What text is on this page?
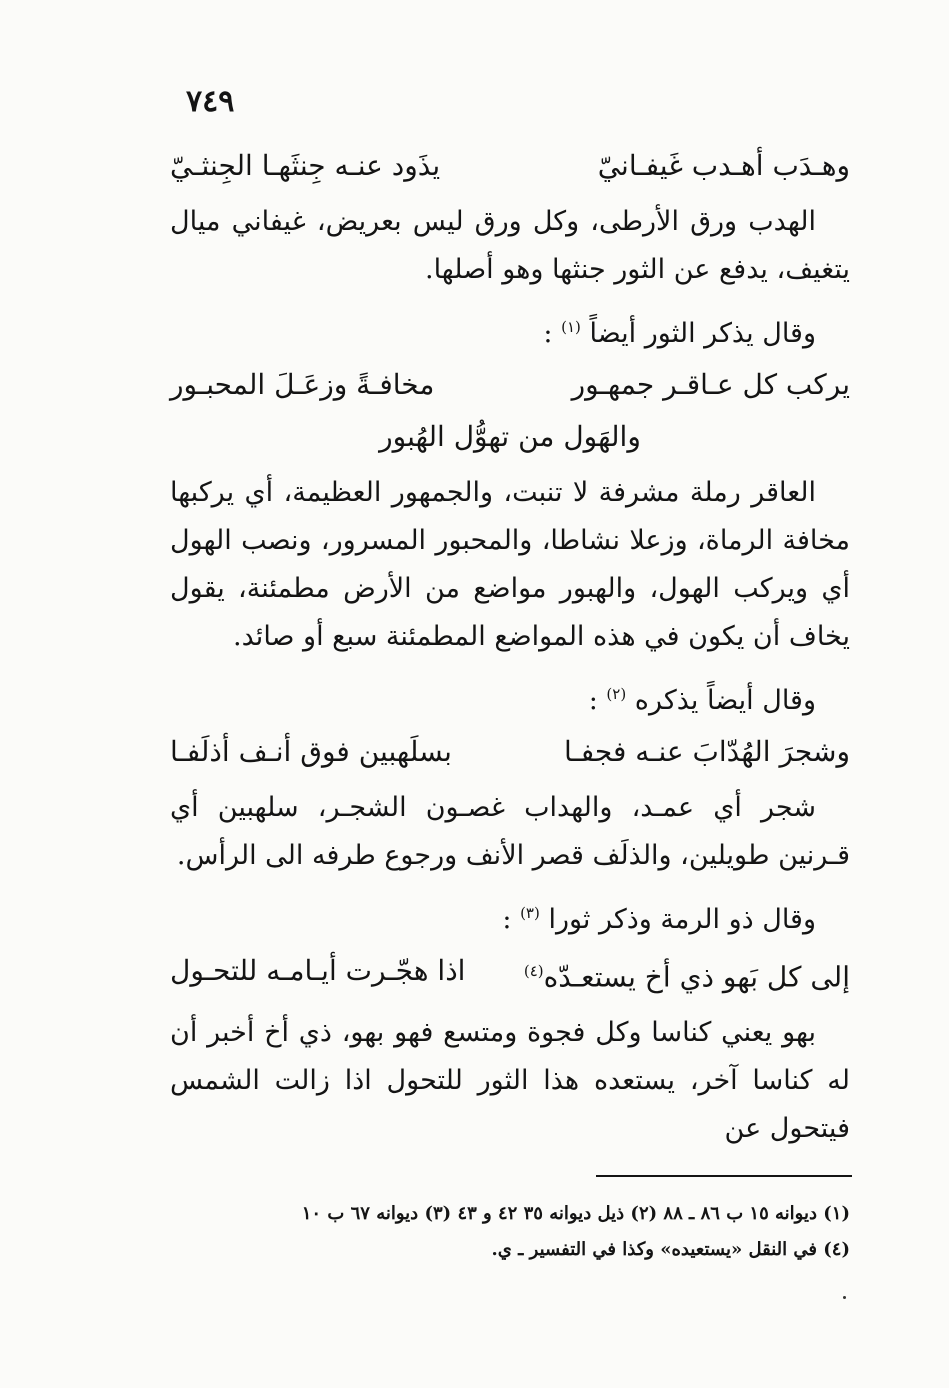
٧٤٩
وهـدَب أهـدب غَيفـانيّ
يذَود عنـه جِنثَهـا الجِنثـيّ

الهدب ورق الأرطى، وكل ورق ليس بعريض، غيفاني ميال يتغيف، يدفع عن الثور جنثها وهو أصلها.

وقال يذكر الثور أيضاً $^{(١)}$ :
يركب كل عـاقـر جمهـور
مخافـةً وزعَـلَ المحبـور
والهَول من تهوُّل الهُبور

العاقر رملة مشرفة لا تنبت، والجمهور العظيمة، أي يركبها مخافة الرماة، وزعلا نشاطا، والمحبور المسرور، ونصب الهول أي ويركب الهول، والهبور مواضع من الأرض مطمئنة، يقول يخاف أن يكون في هذه المواضع المطمئنة سبع أو صائد.

وقال أيضاً يذكره $^{(٢)}$ :
وشجرَ الهُدّابَ عنـه فجفـا
بسلَهبين فوق أنـف أذلَفـا

شجر أي عمـد، والهداب غصـون الشجـر، سلهبين أي قـرنين طويلين، والذلَف قصر الأنف ورجوع طرفه الى الرأس.

وقال ذو الرمة وذكر ثورا $^{(٣)}$ :
إلى كل بَهو ذي أخ يستعـدّه$^{(٤)}$
اذا هجّـرت أيـامـه للتحـول

بهو يعني كناسا وكل فجوة ومتسع فهو بهو، ذي أخ أخبر أن له كناسا آخر، يستعده هذا الثور للتحول اذا زالت الشمس فيتحول عن

(١) ديوانه ١٥ ب ٨٦ ـ ٨٨ (٢) ذيل ديوانه ٣٥ ٤٢ و ٤٣ (٣) ديوانه ٦٧ ب ١٠
(٤) في النقل «يستعيده» وكذا في التفسير ـ ي.
